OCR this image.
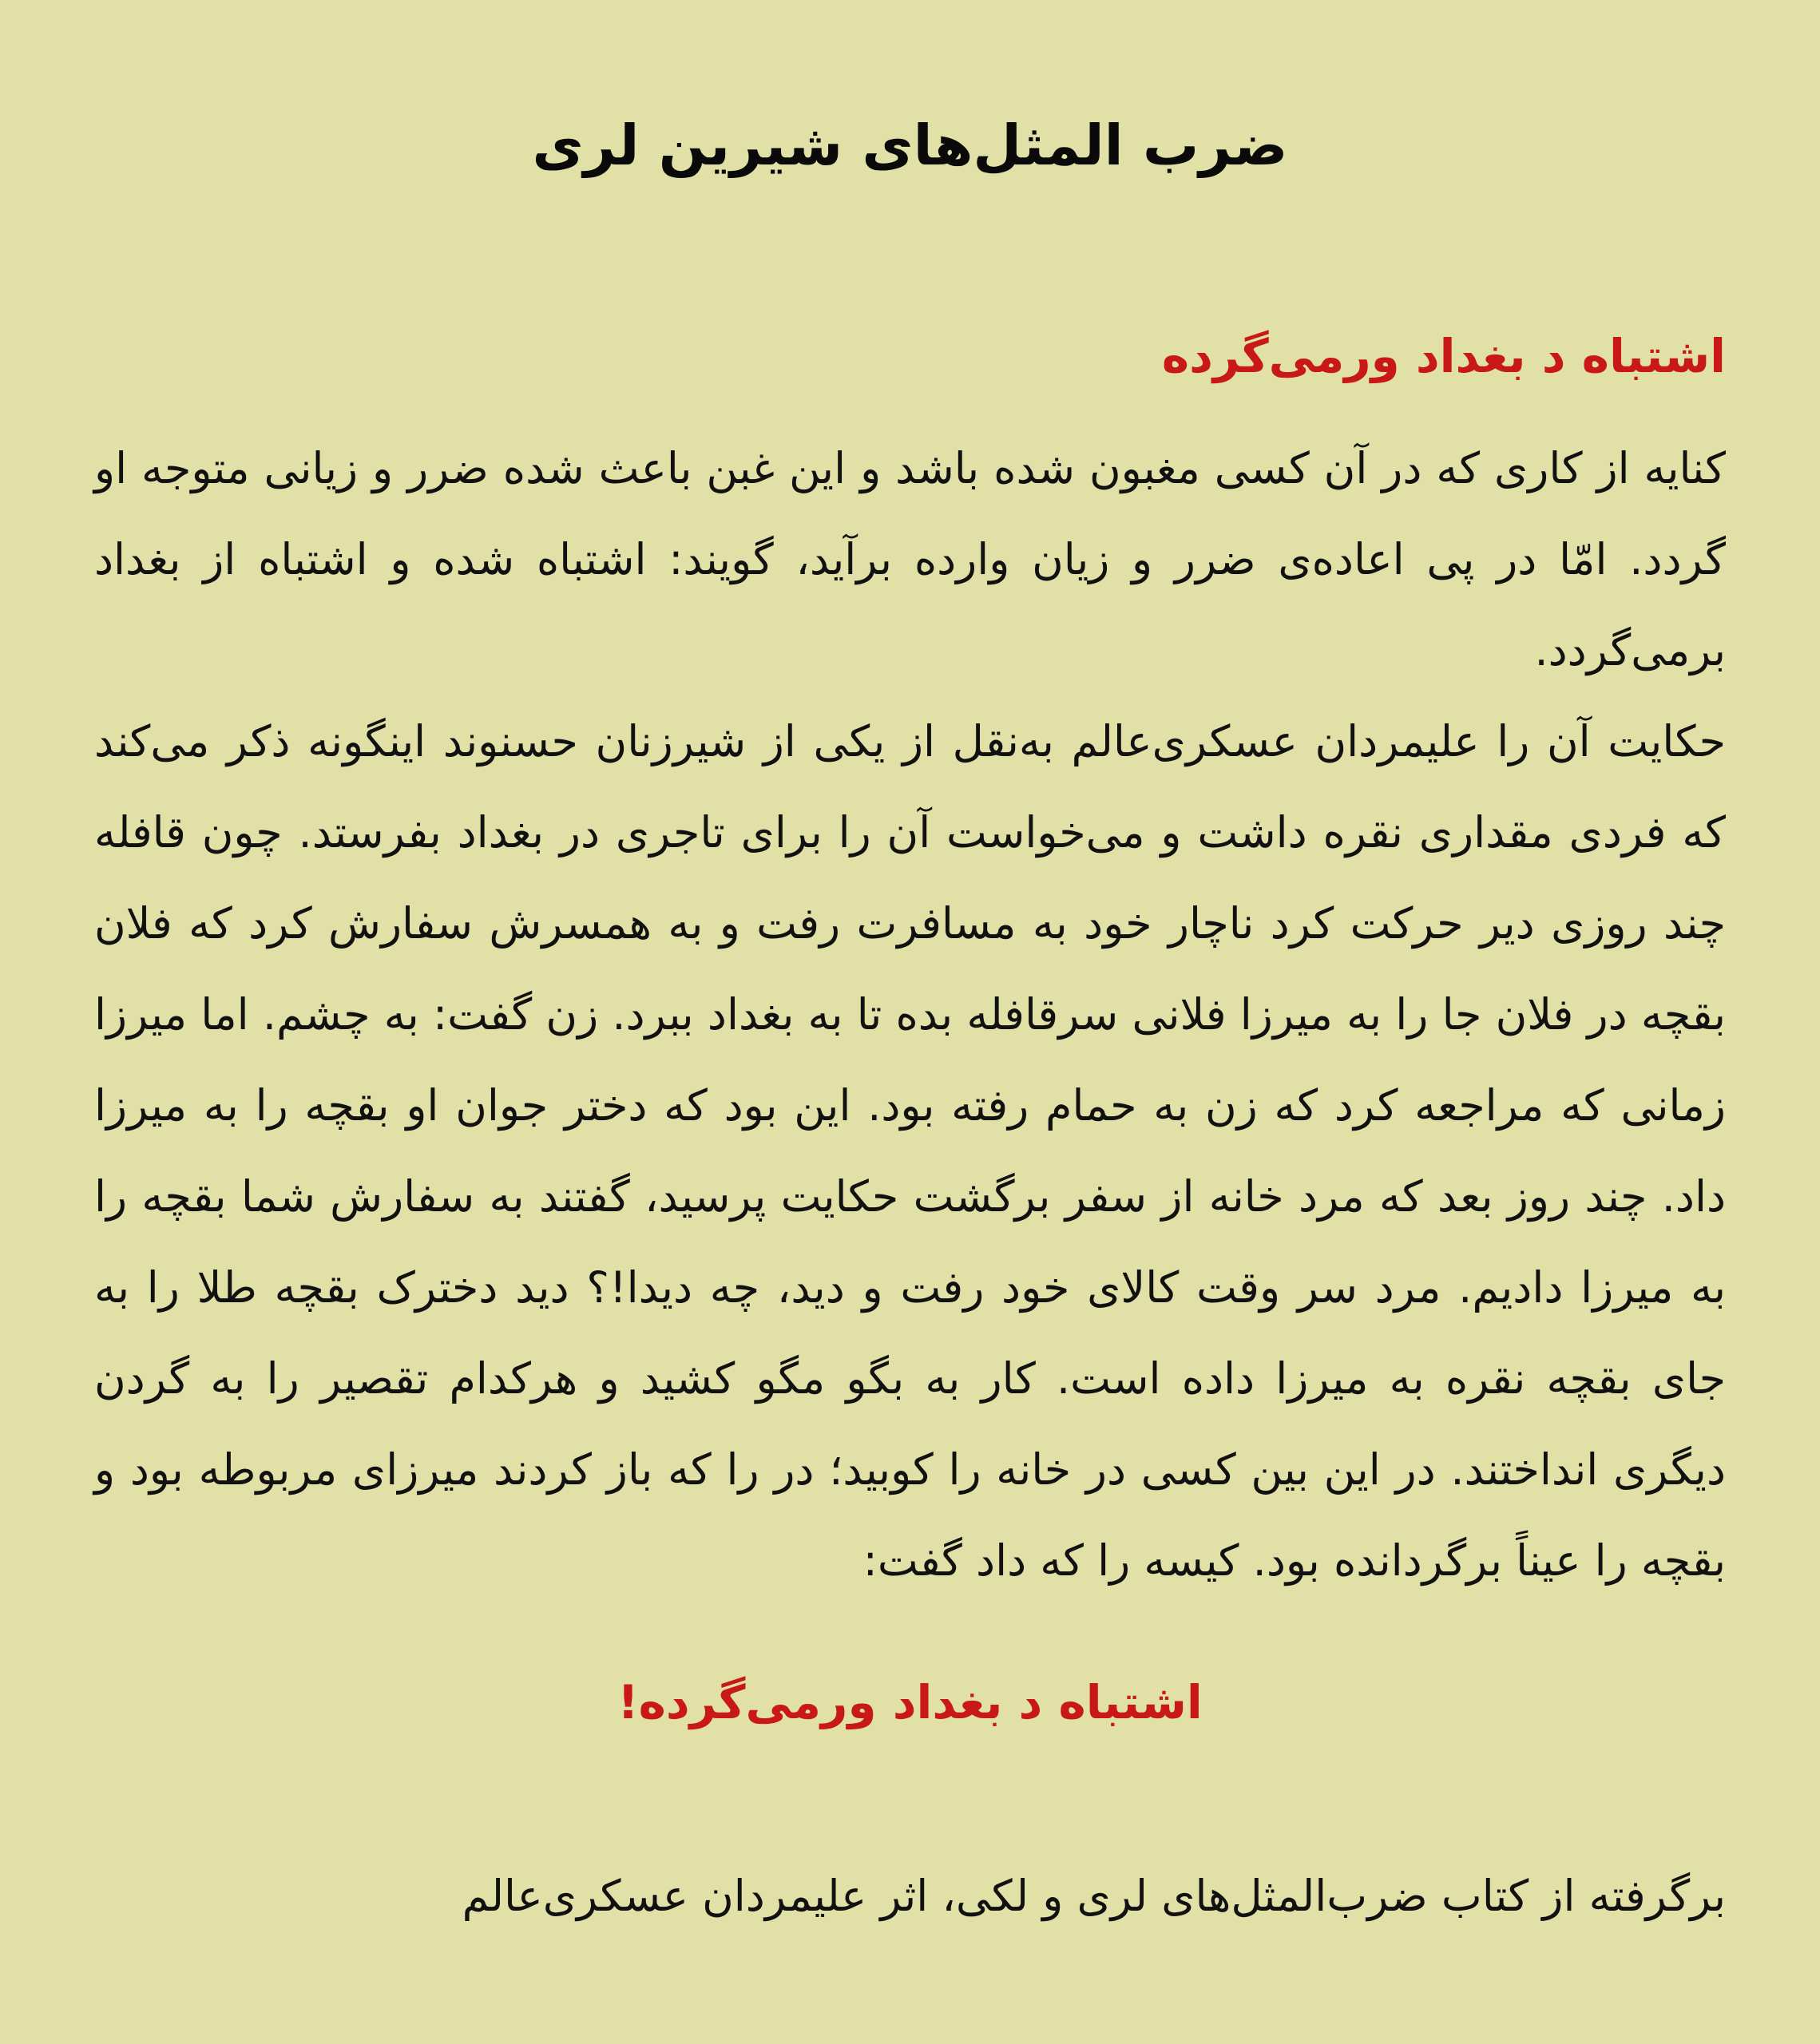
ضرب المثل‌های شیرین لری
اشتباه د بغداد ورمی‌گرده

کنایه از کاری که در آن کسی مغبون شده باشد و این غبن باعث شده ضرر و زیانی متوجه او گردد. امّا در پی اعاده‌ی ضرر و زیان وارده برآید، گویند: اشتباه شده و اشتباه از بغداد برمی‌گردد.

حکایت آن را علیمردان عسکری‌عالم به‌نقل از یکی از شیرزنان حسنوند اینگونه ذکر می‌کند که فردی مقداری نقره داشت و می‌خواست آن را برای تاجری در بغداد بفرستد. چون قافله چند روزی دیر حرکت کرد ناچار خود به مسافرت رفت و به همسرش سفارش کرد که فلان بقچه در فلان جا را به میرزا فلانی سرقافله بده تا به بغداد ببرد. زن گفت: به چشم. اما میرزا زمانی که مراجعه کرد که زن به حمام رفته بود. این بود که دختر جوان او بقچه را به میرزا داد. چند روز بعد که مرد خانه از سفر برگشت حکایت پرسید، گفتند به سفارش شما بقچه را به میرزا دادیم. مرد سر وقت کالای خود رفت و دید، چه دیدا!؟ دید دخترک بقچه طلا را به جای بقچه نقره به میرزا داده است. کار به بگو مگو کشید و هرکدام تقصیر را به گردن دیگری انداختند. در این بین کسی در خانه را کوبید؛ در را که باز کردند میرزای مربوطه بود و بقچه را عیناً برگردانده بود. کیسه را که داد گفت:

اشتباه د بغداد ورمی‌گرده!

برگرفته از کتاب ضرب‌المثل‌های لری و لکی، اثر علیمردان عسکری‌عالم
